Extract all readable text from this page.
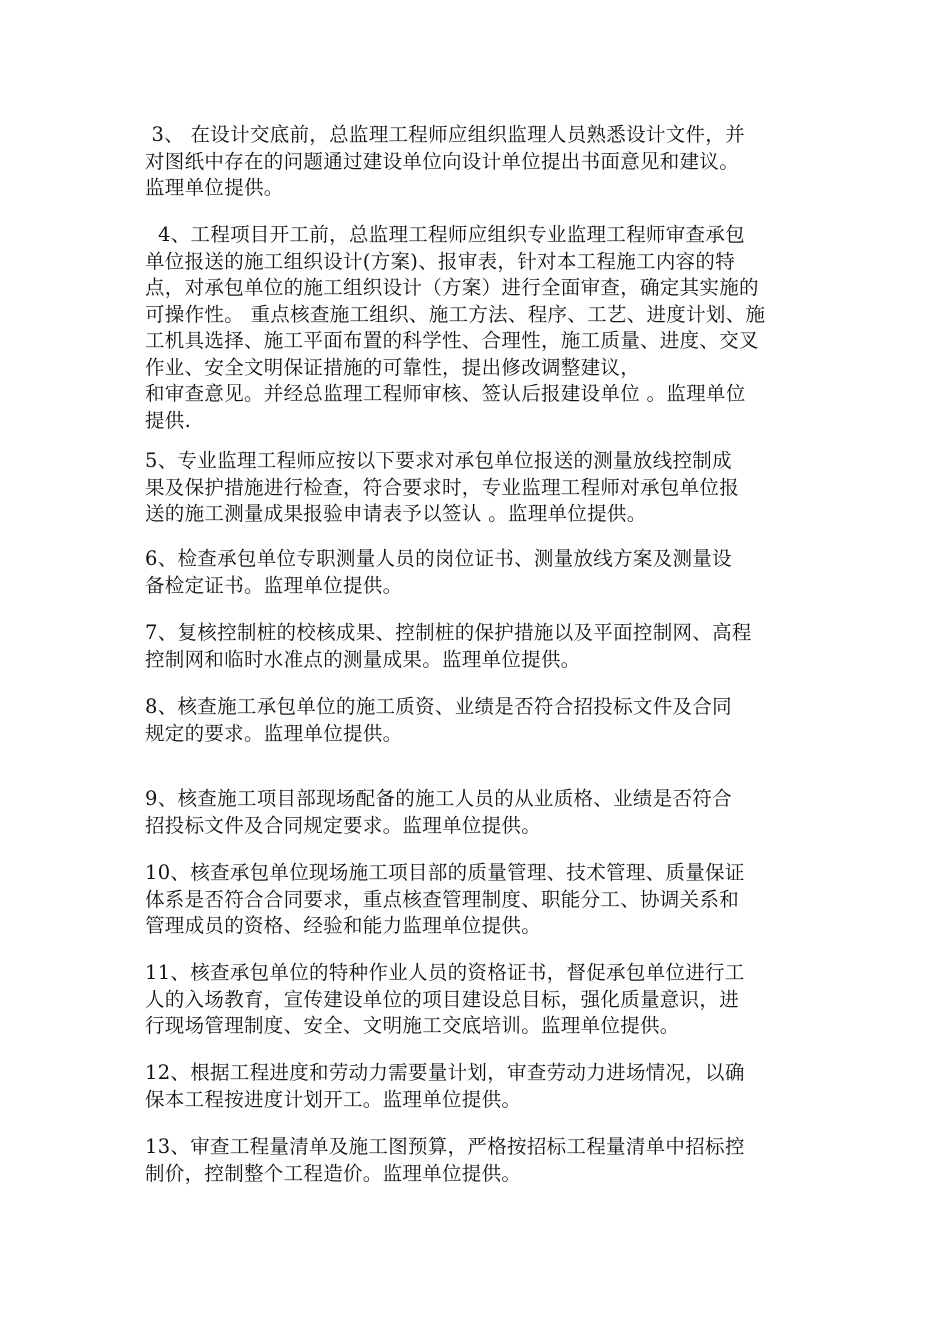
3、 在设计交底前，总监理工程师应组织监理人员熟悉设计文件，并
对图纸中存在的问题通过建设单位向设计单位提出书面意见和建议。
监理单位提供。

4、工程项目开工前，总监理工程师应组织专业监理工程师审查承包
单位报送的施工组织设计(方案)、报审表，针对本工程施工内容的特
点，对承包单位的施工组织设计（方案）进行全面审查，确定其实施的
可操作性。 重点核查施工组织、施工方法、程序、工艺、进度计划、施
工机具选择、施工平面布置的科学性、合理性，施工质量、进度、交叉
作业、安全文明保证措施的可靠性，提出修改调整建议，
和审查意见。并经总监理工程师审核、签认后报建设单位 。监理单位
提供.

5、专业监理工程师应按以下要求对承包单位报送的测量放线控制成
果及保护措施进行检查，符合要求时，专业监理工程师对承包单位报
送的施工测量成果报验申请表予以签认 。监理单位提供。

6、检查承包单位专职测量人员的岗位证书、测量放线方案及测量设
备检定证书。监理单位提供。

7、复核控制桩的校核成果、控制桩的保护措施以及平面控制网、高程
控制网和临时水准点的测量成果。监理单位提供。

8、核查施工承包单位的施工质资、业绩是否符合招投标文件及合同
规定的要求。监理单位提供。

9、核查施工项目部现场配备的施工人员的从业质格、业绩是否符合
招投标文件及合同规定要求。监理单位提供。

10、核查承包单位现场施工项目部的质量管理、技术管理、质量保证
体系是否符合合同要求，重点核查管理制度、职能分工、协调关系和
管理成员的资格、经验和能力监理单位提供。

11、核查承包单位的特种作业人员的资格证书，督促承包单位进行工
人的入场教育，宣传建设单位的项目建设总目标，强化质量意识，进
行现场管理制度、安全、文明施工交底培训。监理单位提供。

12、根据工程进度和劳动力需要量计划，审查劳动力进场情况，以确
保本工程按进度计划开工。监理单位提供。

13、审查工程量清单及施工图预算，严格按招标工程量清单中招标控
制价，控制整个工程造价。监理单位提供。
